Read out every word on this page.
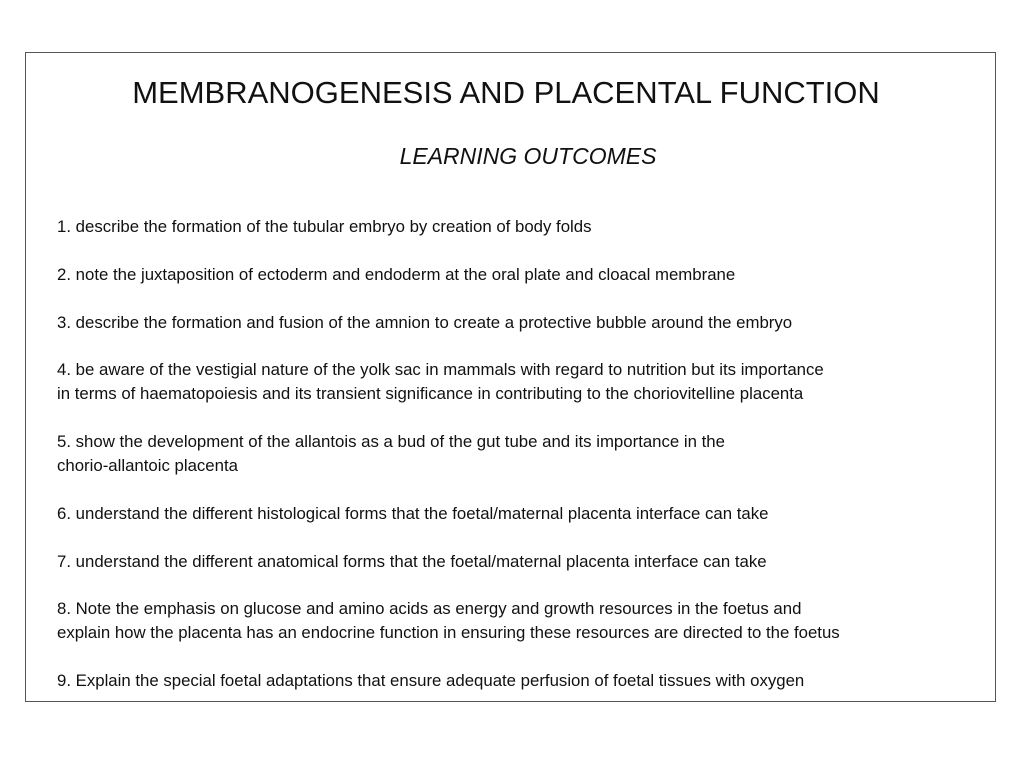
MEMBRANOGENESIS AND PLACENTAL FUNCTION
LEARNING OUTCOMES
1. describe the formation of the tubular embryo by creation of body folds
2. note the juxtaposition of ectoderm and endoderm at the oral plate and cloacal membrane
3. describe the formation and fusion of the amnion to create a protective bubble around the embryo
4. be aware of the vestigial nature of the yolk sac in mammals with regard to nutrition but its importance
in terms of haematopoiesis and its transient significance in contributing to the choriovitelline placenta
5. show the development of the allantois as a bud of the gut tube and its importance in the
chorio-allantoic placenta
6. understand the different histological forms that the foetal/maternal placenta interface can take
7. understand the different anatomical forms that the foetal/maternal placenta interface can take
8. Note the emphasis on glucose and amino acids as energy and growth resources in the foetus and
explain how the placenta has an endocrine function in ensuring these resources are directed to the foetus
9. Explain the special foetal adaptations that ensure adequate perfusion of foetal tissues with oxygen
